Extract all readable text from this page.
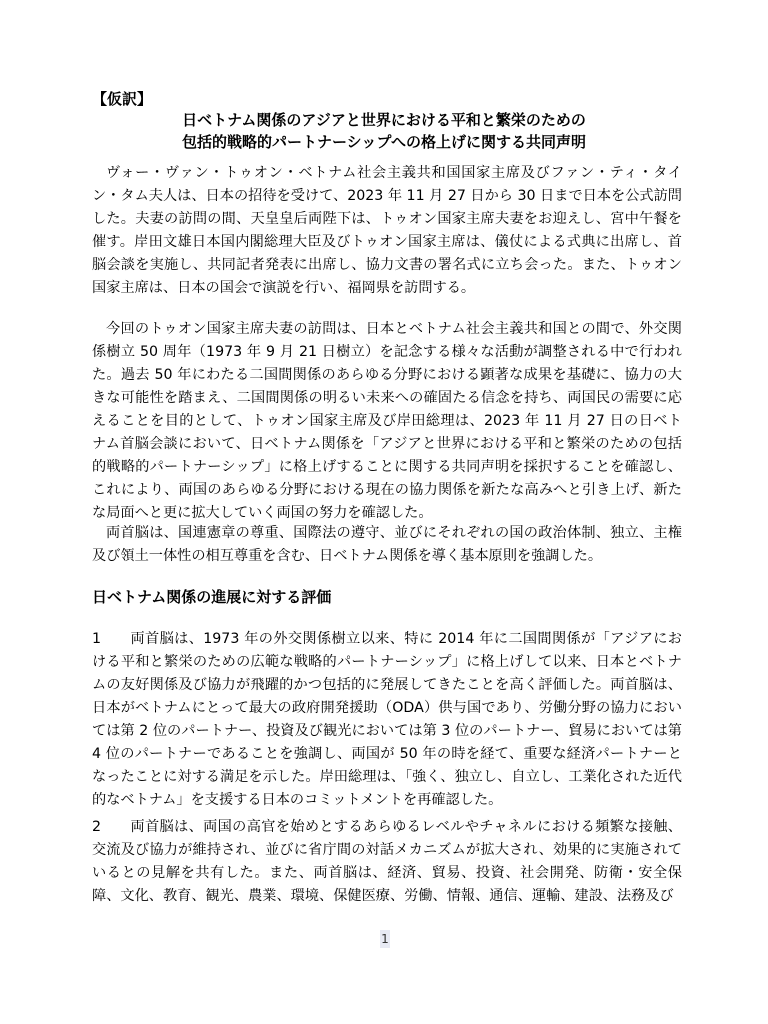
【仮訳】
日ベトナム関係のアジアと世界における平和と繁栄のための
包括的戦略的パートナーシップへの格上げに関する共同声明

ヴォー・ヴァン・トゥオン・ベトナム社会主義共和国国家主席及びファン・ティ・タイン・タム夫人は、日本の招待を受けて、2023 年 11 月 27 日から 30 日まで日本を公式訪問した。夫妻の訪問の間、天皇皇后両陛下は、トゥオン国家主席夫妻をお迎えし、宮中午餐を催す。岸田文雄日本国内閣総理大臣及びトゥオン国家主席は、儀仗による式典に出席し、首脳会談を実施し、共同記者発表に出席し、協力文書の署名式に立ち会った。また、トゥオン国家主席は、日本の国会で演説を行い、福岡県を訪問する。

今回のトゥオン国家主席夫妻の訪問は、日本とベトナム社会主義共和国との間で、外交関係樹立 50 周年（1973 年 9 月 21 日樹立）を記念する様々な活動が調整される中で行われた。過去 50 年にわたる二国間関係のあらゆる分野における顕著な成果を基礎に、協力の大きな可能性を踏まえ、二国間関係の明るい未来への確固たる信念を持ち、両国民の需要に応えることを目的として、トゥオン国家主席及び岸田総理は、2023 年 11 月 27 日の日ベトナム首脳会談において、日ベトナム関係を「アジアと世界における平和と繁栄のための包括的戦略的パートナーシップ」に格上げすることに関する共同声明を採択することを確認し、これにより、両国のあらゆる分野における現在の協力関係を新たな高みへと引き上げ、新たな局面へと更に拡大していく両国の努力を確認した。

両首脳は、国連憲章の尊重、国際法の遵守、並びにそれぞれの国の政治体制、独立、主権及び領土一体性の相互尊重を含む、日ベトナム関係を導く基本原則を強調した。

日ベトナム関係の進展に対する評価

1　　両首脳は、1973 年の外交関係樹立以来、特に 2014 年に二国間関係が「アジアにおける平和と繁栄のための広範な戦略的パートナーシップ」に格上げして以来、日本とベトナムの友好関係及び協力が飛躍的かつ包括的に発展してきたことを高く評価した。両首脳は、日本がベトナムにとって最大の政府開発援助（ODA）供与国であり、労働分野の協力においては第 2 位のパートナー、投資及び観光においては第 3 位のパートナー、貿易においては第 4 位のパートナーであることを強調し、両国が 50 年の時を経て、重要な経済パートナーとなったことに対する満足を示した。岸田総理は、「強く、独立し、自立し、工業化された近代的なベトナム」を支援する日本のコミットメントを再確認した。

2　　両首脳は、両国の高官を始めとするあらゆるレベルやチャネルにおける頻繁な接触、交流及び協力が維持され、並びに省庁間の対話メカニズムが拡大され、効果的に実施されているとの見解を共有した。また、両首脳は、経済、貿易、投資、社会開発、防衛・安全保障、文化、教育、観光、農業、環境、保健医療、労働、情報、通信、運輸、建設、法務及び

1
